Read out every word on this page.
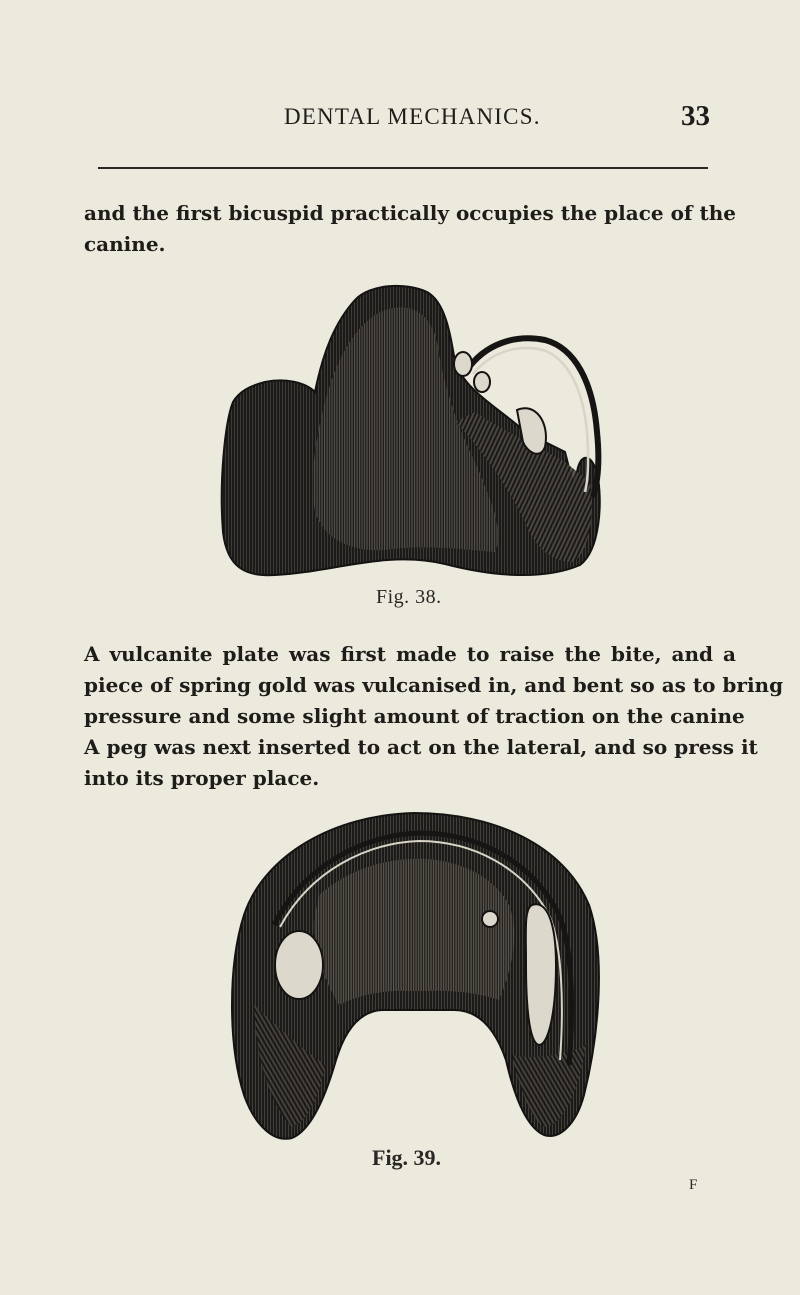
DENTAL MECHANICS.	33

and the first bicuspid practically occupies the place of the
canine.

Fig. 38.

A vulcanite plate was first made to raise the bite, and a
piece of spring gold was vulcanised in, and bent so as to bring
pressure and some slight amount of traction on the canine
A peg was next inserted to act on the lateral, and so press it
into its proper place.

Fig. 39.
F
